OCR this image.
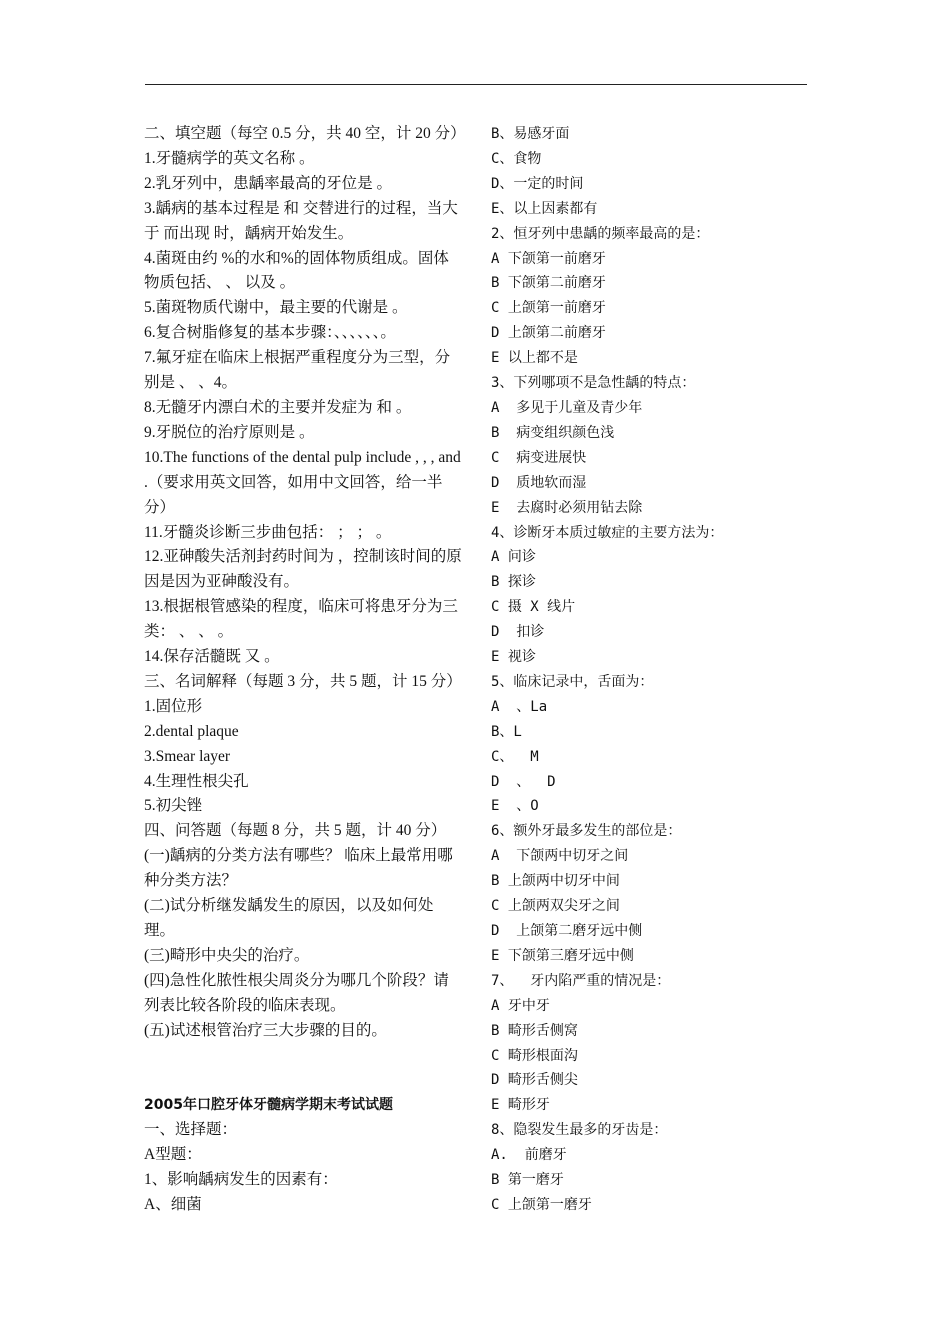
二、填空题（每空 0.5 分，共 40 空，计 20 分）
1.牙髓病学的英文名称 。
2.乳牙列中，患龋率最高的牙位是 。
3.龋病的基本过程是 和 交替进行的过程，当大于 而出现 时，龋病开始发生。
4.菌斑由约 %的水和%的固体物质组成。固体物质包括、 、 以及 。
5.菌斑物质代谢中，最主要的代谢是 。
6.复合树脂修复的基本步骤：、、、、、、。
7.氟牙症在临床上根据严重程度分为三型，分别是 、 、4。
8.无髓牙内漂白术的主要并发症为 和 。
9.牙脱位的治疗原则是 。
10.The functions of the dental pulp include , , , and .（要求用英文回答，如用中文回答，给一半分）
11.牙髓炎诊断三步曲包括： ； ； 。
12.亚砷酸失活剂封药时间为 ，控制该时间的原因是因为亚砷酸没有。
13.根据根管感染的程度，临床可将患牙分为三类： 、 、 。
14.保存活髓既 又 。
三、名词解释（每题 3 分，共 5 题，计 15 分）
1.固位形
2.dental plaque
3.Smear layer
4.生理性根尖孔
5.初尖锉
四、问答题（每题 8 分，共 5 题，计 40 分）
(一)龋病的分类方法有哪些？ 临床上最常用哪种分类方法？
(二)试分析继发龋发生的原因，以及如何处理。
(三)畸形中央尖的治疗。
(四)急性化脓性根尖周炎分为哪几个阶段？请列表比较各阶段的临床表现。
(五)试述根管治疗三大步骤的目的。
2005年口腔牙体牙髓病学期末考试试题
一、选择题：
A型题：
1、影响龋病发生的因素有：
A、细菌
B、易感牙面
C、食物
D、一定的时间
E、以上因素都有
2、恒牙列中患龋的频率最高的是：
A 下颌第一前磨牙
B 下颌第二前磨牙
C 上颌第一前磨牙
D 上颌第二前磨牙
E 以上都不是
3、下列哪项不是急性龋的特点：
A  多见于儿童及青少年
B  病变组织颜色浅
C  病变进展快
D  质地软而湿
E  去腐时必须用钻去除
4、诊断牙本质过敏症的主要方法为：
A 问诊
B 探诊
C 摄 X 线片
D  扣诊
E 视诊
5、临床记录中，舌面为：
A  、La
B、L
C、  M
D  、  D
E  、O
6、额外牙最多发生的部位是：
A  下颌两中切牙之间
B 上颌两中切牙中间
C 上颌两双尖牙之间
D  上颌第二磨牙远中侧
E 下颌第三磨牙远中侧
7、  牙内陷严重的情况是：
A 牙中牙
B 畸形舌侧窝
C 畸形根面沟
D 畸形舌侧尖
E 畸形牙
8、隐裂发生最多的牙齿是：
A.  前磨牙
B 第一磨牙
C 上颌第一磨牙
